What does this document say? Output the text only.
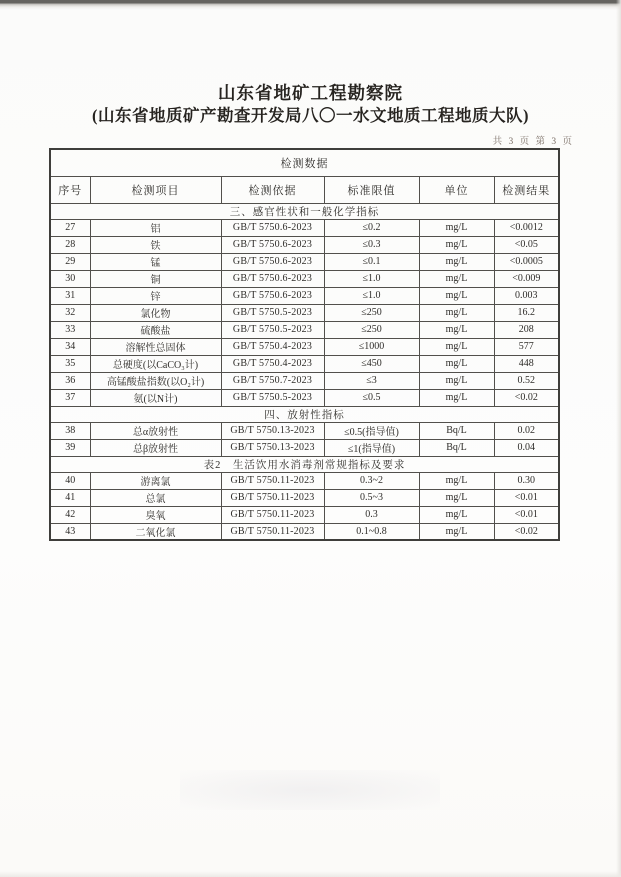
山东省地矿工程勘察院
(山东省地质矿产勘查开发局八〇一水文地质工程地质大队)
共 3 页 第 3 页
检测数据					
序号	检测项目	检测依据	标准限值	单位	检测结果
三、感官性状和一般化学指标					
27	铝	GB/T 5750.6-2023	≤0.2	mg/L	<0.0012
28	铁	GB/T 5750.6-2023	≤0.3	mg/L	<0.05
29	锰	GB/T 5750.6-2023	≤0.1	mg/L	<0.0005
30	铜	GB/T 5750.6-2023	≤1.0	mg/L	<0.009
31	锌	GB/T 5750.6-2023	≤1.0	mg/L	0.003
32	氯化物	GB/T 5750.5-2023	≤250	mg/L	16.2
33	硫酸盐	GB/T 5750.5-2023	≤250	mg/L	208
34	溶解性总固体	GB/T 5750.4-2023	≤1000	mg/L	577
35	总硬度(以CaCO₃计)	GB/T 5750.4-2023	≤450	mg/L	448
36	高锰酸盐指数(以O₂计)	GB/T 5750.7-2023	≤3	mg/L	0.52
37	氨(以N计)	GB/T 5750.5-2023	≤0.5	mg/L	<0.02
四、放射性指标					
38	总α放射性	GB/T 5750.13-2023	≤0.5(指导值)	Bq/L	0.02
39	总β放射性	GB/T 5750.13-2023	≤1(指导值)	Bq/L	0.04
表2　生活饮用水消毒剂常规指标及要求					
40	游离氯	GB/T 5750.11-2023	0.3~2	mg/L	0.30
41	总氯	GB/T 5750.11-2023	0.5~3	mg/L	<0.01
42	臭氧	GB/T 5750.11-2023	0.3	mg/L	<0.01
43	二氧化氯	GB/T 5750.11-2023	0.1~0.8	mg/L	<0.02
